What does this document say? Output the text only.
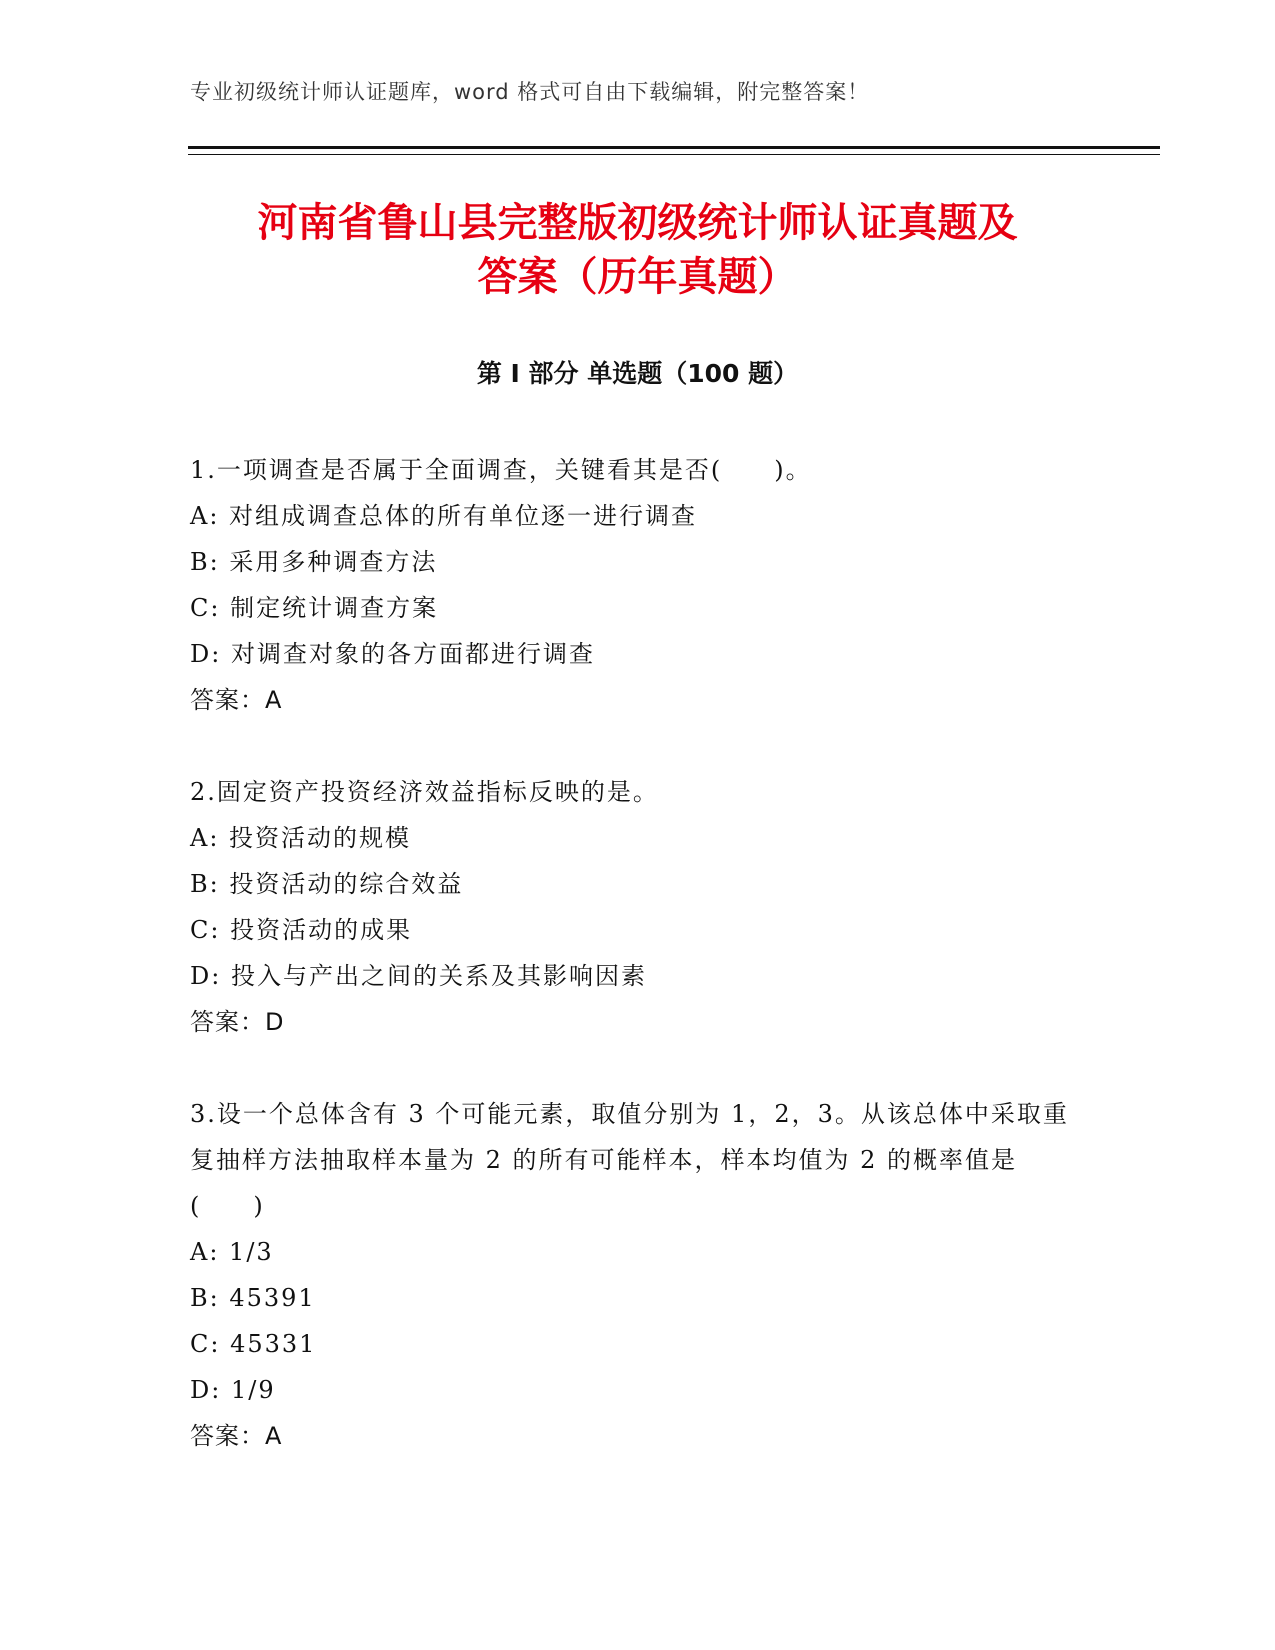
专业初级统计师认证题库，word 格式可自由下载编辑，附完整答案！
河南省鲁山县完整版初级统计师认证真题及
答案（历年真题）
第 I 部分 单选题（100 题）
1.一项调查是否属于全面调查，关键看其是否(　　)。
A: 对组成调查总体的所有单位逐一进行调查
B: 采用多种调查方法
C: 制定统计调查方案
D: 对调查对象的各方面都进行调查
答案：A
2.固定资产投资经济效益指标反映的是。
A: 投资活动的规模
B: 投资活动的综合效益
C: 投资活动的成果
D: 投入与产出之间的关系及其影响因素
答案：D
3.设一个总体含有 3 个可能元素，取值分别为 1，2，3。从该总体中采取重复抽样方法抽取样本量为 2 的所有可能样本，样本均值为 2 的概率值是(　　)
A: 1/3
B: 45391
C: 45331
D: 1/9
答案：A
